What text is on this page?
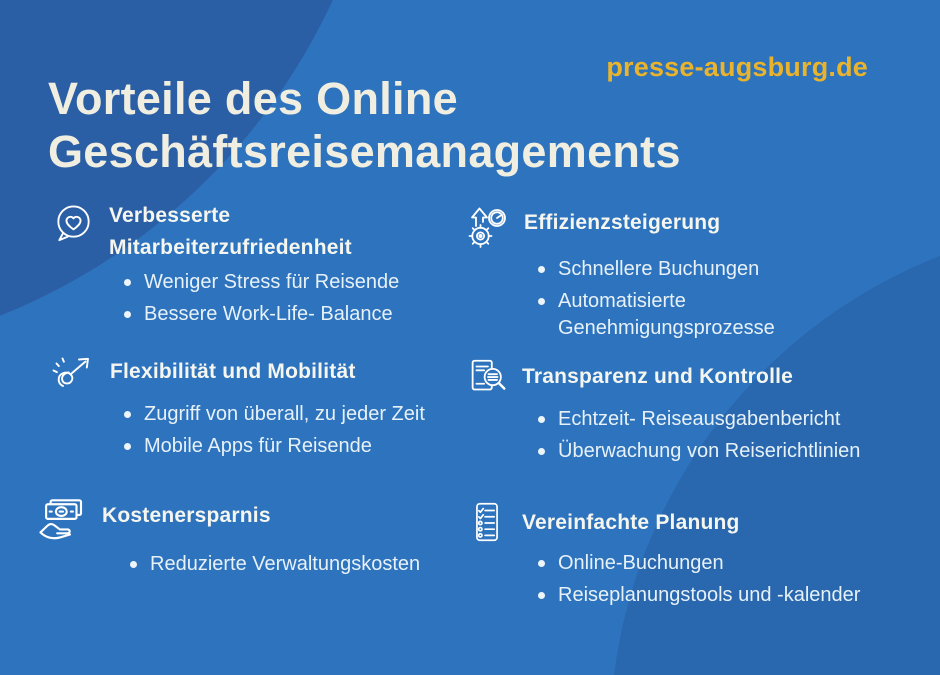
presse-augsburg.de
Vorteile des Online
Geschäftsreisemanagements
Verbesserte Mitarbeiterzufriedenheit
Weniger Stress für Reisende
Bessere Work-Life- Balance
Effizienzsteigerung
Schnellere Buchungen
Automatisierte Genehmigungsprozesse
Flexibilität und Mobilität
Zugriff von überall, zu jeder Zeit
Mobile Apps für Reisende
Transparenz und Kontrolle
Echtzeit- Reiseausgabenbericht
Überwachung von Reiserichtlinien
Kostenersparnis
Reduzierte Verwaltungskosten
Vereinfachte Planung
Online-Buchungen
Reiseplanungstools und -kalender
